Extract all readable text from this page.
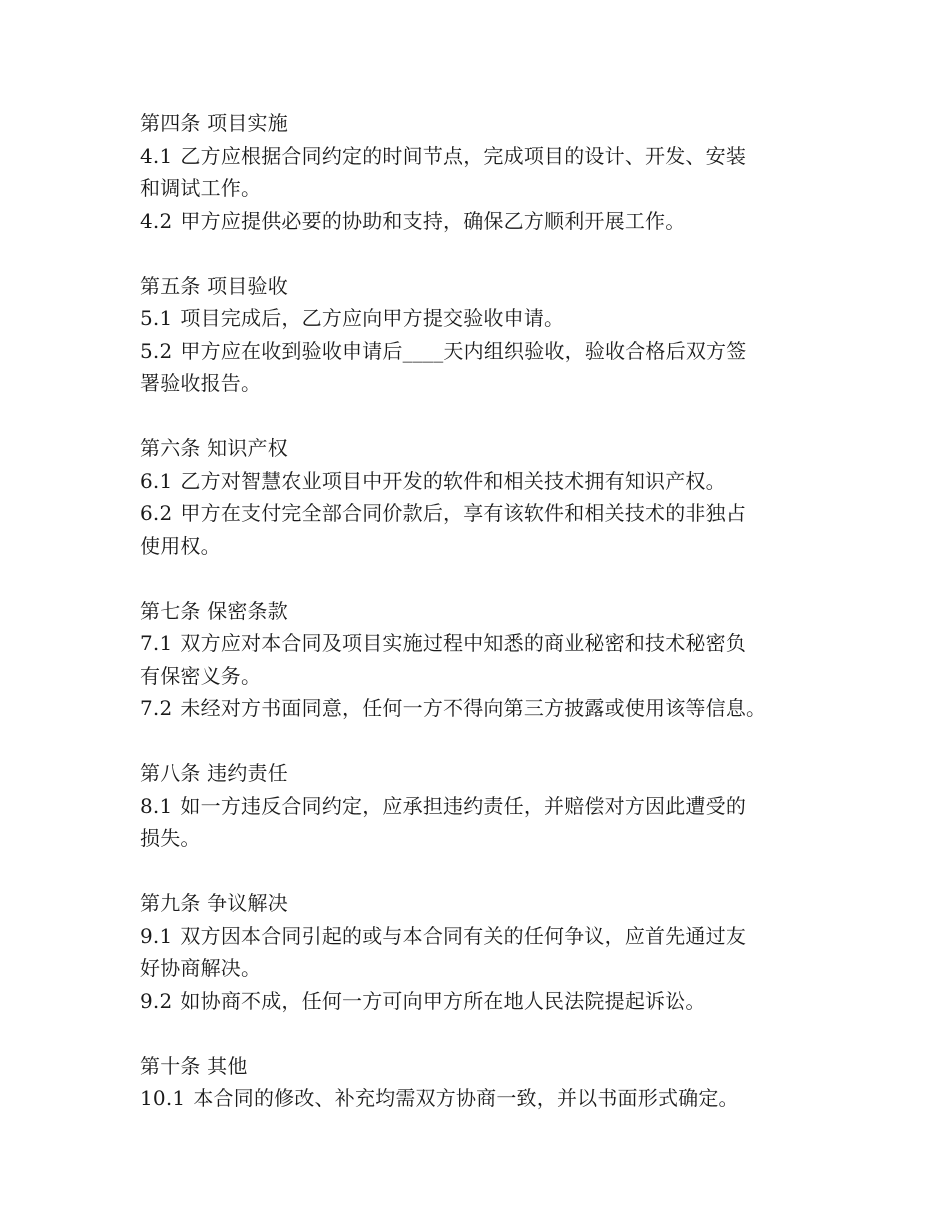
第四条 项目实施
4.1 乙方应根据合同约定的时间节点，完成项目的设计、开发、安装
和调试工作。
4.2 甲方应提供必要的协助和支持，确保乙方顺利开展工作。
第五条 项目验收
5.1 项目完成后，乙方应向甲方提交验收申请。
5.2 甲方应在收到验收申请后____天内组织验收，验收合格后双方签
署验收报告。
第六条 知识产权
6.1 乙方对智慧农业项目中开发的软件和相关技术拥有知识产权。
6.2 甲方在支付完全部合同价款后，享有该软件和相关技术的非独占
使用权。
第七条 保密条款
7.1 双方应对本合同及项目实施过程中知悉的商业秘密和技术秘密负
有保密义务。
7.2 未经对方书面同意，任何一方不得向第三方披露或使用该等信息。
第八条 违约责任
8.1 如一方违反合同约定，应承担违约责任，并赔偿对方因此遭受的
损失。
第九条 争议解决
9.1 双方因本合同引起的或与本合同有关的任何争议，应首先通过友
好协商解决。
9.2 如协商不成，任何一方可向甲方所在地人民法院提起诉讼。
第十条 其他
10.1 本合同的修改、补充均需双方协商一致，并以书面形式确定。
